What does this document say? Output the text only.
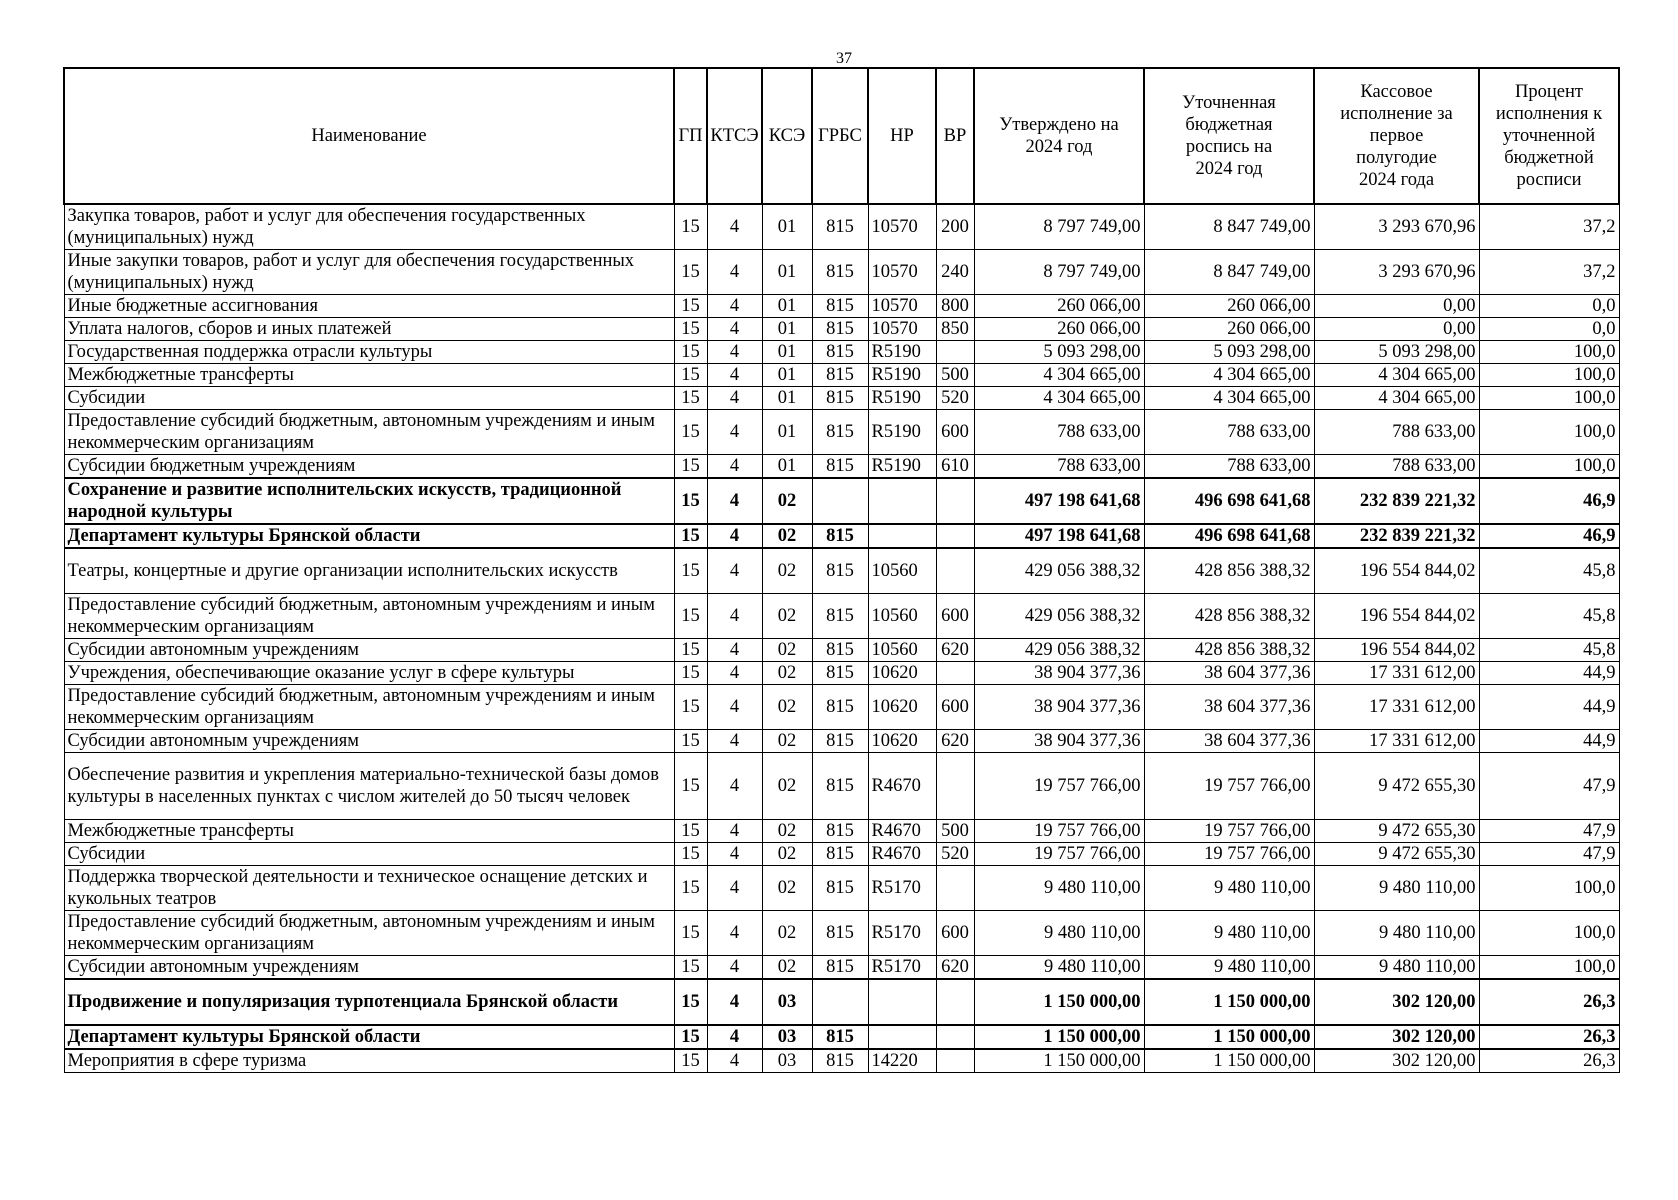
37
Наименование	ГП	КТСЭ	КСЭ	ГРБС	НР	ВР	Утверждено на 2024 год	Уточненная бюджетная роспись на 2024 год	Кассовое исполнение за первое полугодие 2024 года	Процент исполнения к уточненной бюджетной росписи
Закупка товаров, работ и услуг для обеспечения государственных (муниципальных) нужд	15	4	01	815	10570	200	8 797 749,00	8 847 749,00	3 293 670,96	37,2
Иные закупки товаров, работ и услуг для обеспечения государственных (муниципальных) нужд	15	4	01	815	10570	240	8 797 749,00	8 847 749,00	3 293 670,96	37,2
Иные бюджетные ассигнования	15	4	01	815	10570	800	260 066,00	260 066,00	0,00	0,0
Уплата налогов, сборов и иных платежей	15	4	01	815	10570	850	260 066,00	260 066,00	0,00	0,0
Государственная поддержка отрасли культуры	15	4	01	815	R5190		5 093 298,00	5 093 298,00	5 093 298,00	100,0
Межбюджетные трансферты	15	4	01	815	R5190	500	4 304 665,00	4 304 665,00	4 304 665,00	100,0
Субсидии	15	4	01	815	R5190	520	4 304 665,00	4 304 665,00	4 304 665,00	100,0
Предоставление субсидий бюджетным, автономным учреждениям и иным некоммерческим организациям	15	4	01	815	R5190	600	788 633,00	788 633,00	788 633,00	100,0
Субсидии бюджетным учреждениям	15	4	01	815	R5190	610	788 633,00	788 633,00	788 633,00	100,0
Сохранение и развитие исполнительских искусств, традиционной народной культуры	15	4	02				497 198 641,68	496 698 641,68	232 839 221,32	46,9
Департамент культуры Брянской области	15	4	02	815			497 198 641,68	496 698 641,68	232 839 221,32	46,9
Театры, концертные и другие организации исполнительских искусств	15	4	02	815	10560		429 056 388,32	428 856 388,32	196 554 844,02	45,8
Предоставление субсидий бюджетным, автономным учреждениям и иным некоммерческим организациям	15	4	02	815	10560	600	429 056 388,32	428 856 388,32	196 554 844,02	45,8
Субсидии автономным учреждениям	15	4	02	815	10560	620	429 056 388,32	428 856 388,32	196 554 844,02	45,8
Учреждения, обеспечивающие оказание услуг в сфере культуры	15	4	02	815	10620		38 904 377,36	38 604 377,36	17 331 612,00	44,9
Предоставление субсидий бюджетным, автономным учреждениям и иным некоммерческим организациям	15	4	02	815	10620	600	38 904 377,36	38 604 377,36	17 331 612,00	44,9
Субсидии автономным учреждениям	15	4	02	815	10620	620	38 904 377,36	38 604 377,36	17 331 612,00	44,9
Обеспечение развития и укрепления материально-технической базы домов культуры в населенных пунктах с числом жителей до 50 тысяч человек	15	4	02	815	R4670		19 757 766,00	19 757 766,00	9 472 655,30	47,9
Межбюджетные трансферты	15	4	02	815	R4670	500	19 757 766,00	19 757 766,00	9 472 655,30	47,9
Субсидии	15	4	02	815	R4670	520	19 757 766,00	19 757 766,00	9 472 655,30	47,9
Поддержка творческой деятельности и техническое оснащение детских и кукольных театров	15	4	02	815	R5170		9 480 110,00	9 480 110,00	9 480 110,00	100,0
Предоставление субсидий бюджетным, автономным учреждениям и иным некоммерческим организациям	15	4	02	815	R5170	600	9 480 110,00	9 480 110,00	9 480 110,00	100,0
Субсидии автономным учреждениям	15	4	02	815	R5170	620	9 480 110,00	9 480 110,00	9 480 110,00	100,0
Продвижение и популяризация турпотенциала Брянской области	15	4	03				1 150 000,00	1 150 000,00	302 120,00	26,3
Департамент культуры Брянской области	15	4	03	815			1 150 000,00	1 150 000,00	302 120,00	26,3
Мероприятия в сфере туризма	15	4	03	815	14220		1 150 000,00	1 150 000,00	302 120,00	26,3
